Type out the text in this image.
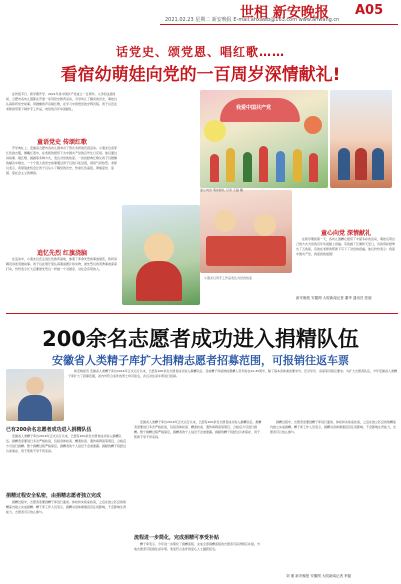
2021.02.23 星期二 新安晚报 E-mail:ahxawb@163.com www.ahwang.cn
世相 新安晚报 A05
话党史、颂党恩、唱红歌……
看宿幼萌娃向党的一百周岁深情献礼!
在传统节日、新学期开学、2021年是中国共产党成立一百周年。入学的这段时间，合肥市各幼儿园都在开展一系列党史教育活动，引导幼儿了解党的历史，萌娃们认真聆听党史故事，用稚嫩的声音唱红歌，在学习中感悟党的光辉历程。孩子们还在老师的带领下制作手工作品，向党的百年华诞献礼。
童语党史 传颂红歌
开学典礼上，安徽省合肥市各幼儿园举办了形式多样的庆祝活动。小朋友们身穿红色的衣服，佩戴红领巾，在老师的组织下为中国共产党的百岁生日庆祝。他们通过讲故事、唱红歌、画画等多种方式，表达对党的热爱。一首首经典红歌从孩子们稚嫩的嗓音中唱出，一个个感人的党史故事通过孩子们的口述呈现，现场气氛热烈。老师们表示，希望借此机会让孩子们从小了解党的历史，传承红色基因，厚植爱党、爱国、爱社会主义的情感。
追忆先烈 红旗浇脑
在活动中，小朋友们还走进红色教育基地，参观了革命先烈的事迹展览，聆听讲解员讲述英雄故事。孩子们在展厅里认真观看图片和实物，被先烈们的英勇事迹深深打动，纷纷表示长大后要像先烈们一样做一个对国家、对社会有用的人。
我爱中国共产党
童心向党 深情献礼
在新学期的第一天，各幼儿园精心组织了丰富多彩的活动，萌娃们用自己的方式为党的百年华诞献上祝福。有的画了红旗和天安门，有的用彩纸剪出了五角星，有的在老师的帮助下写下了对党的祝福。他们纷纷表示：我爱中国共产党，我爱我的祖国！
新安晚报 安徽网 大皖新闻记者 董华 通讯员 张丽
童心向党 萌娃献礼 记者 王磊 摄
小朋友们用手工作品表达对党的热爱
200余名志愿者成功进入捐精队伍
安徽省人类精子库扩大捐精志愿者招募范围，可报销往返车票
新安晚报讯 安徽省人类精子库自2016年正式运行以来，已经有200余名志愿者成功进入捐精队伍。目前精子库接纳的捐精人员年龄在22-45周岁，除了基本身体素质要求外，还对学历、身高等有相应要求。为扩大志愿者队伍，今年安徽省人类精子库扩大了招募范围，省内外符合条件的男士均可报名，并且对往返车票进行报销。
已有200余名志愿者成功进入捐精队伍
安徽省人类精子库自2016年正式运行以来，已经有200余名志愿者成功进入捐精队伍。捐精者需要进行多次严格检查，包括身体检查、精液检查、遗传病筛查等项目，合格后方可进行捐精。整个捐精过程严格保密，捐精者的个人信息不会被泄露。捐献的精子将经过冷冻保存，用于帮助不孕不育家庭。
捐精过程安全私密，由捐精志愿者独立完成
捐精过程中，志愿者需要到精子库进行面谈、体检和实验室检查，之后在独立私密的取精室内独立完成捐精。精子库工作人员表示，捐精对身体健康没有任何影响，不会影响生育能力，志愿者可以放心参与。
安徽省人类精子库自2016年正式运行以来，已经有200余名志愿者成功进入捐精队伍。捐精者需要进行多次严格检查，包括身体检查、精液检查、遗传病筛查等项目，合格后方可进行捐精。整个捐精过程严格保密，捐精者的个人信息不会被泄露。捐献的精子将经过冷冻保存，用于帮助不孕不育家庭。
流程进一步简化，完成捐精可享受补贴
精子库表示，今年进一步简化了捐精流程，完成全部捐精流程的志愿者可获得相应补贴，外地志愿者可报销往返车票。欢迎符合条件的爱心人士踊跃报名。
捐精过程中，志愿者需要到精子库进行面谈、体检和实验室检查，之后在独立私密的取精室内独立完成捐精。精子库工作人员表示，捐精对身体健康没有任何影响，不会影响生育能力，志愿者可以放心参与。
刘 谨 新安晚报 安徽网 大皖新闻记者 李磊
